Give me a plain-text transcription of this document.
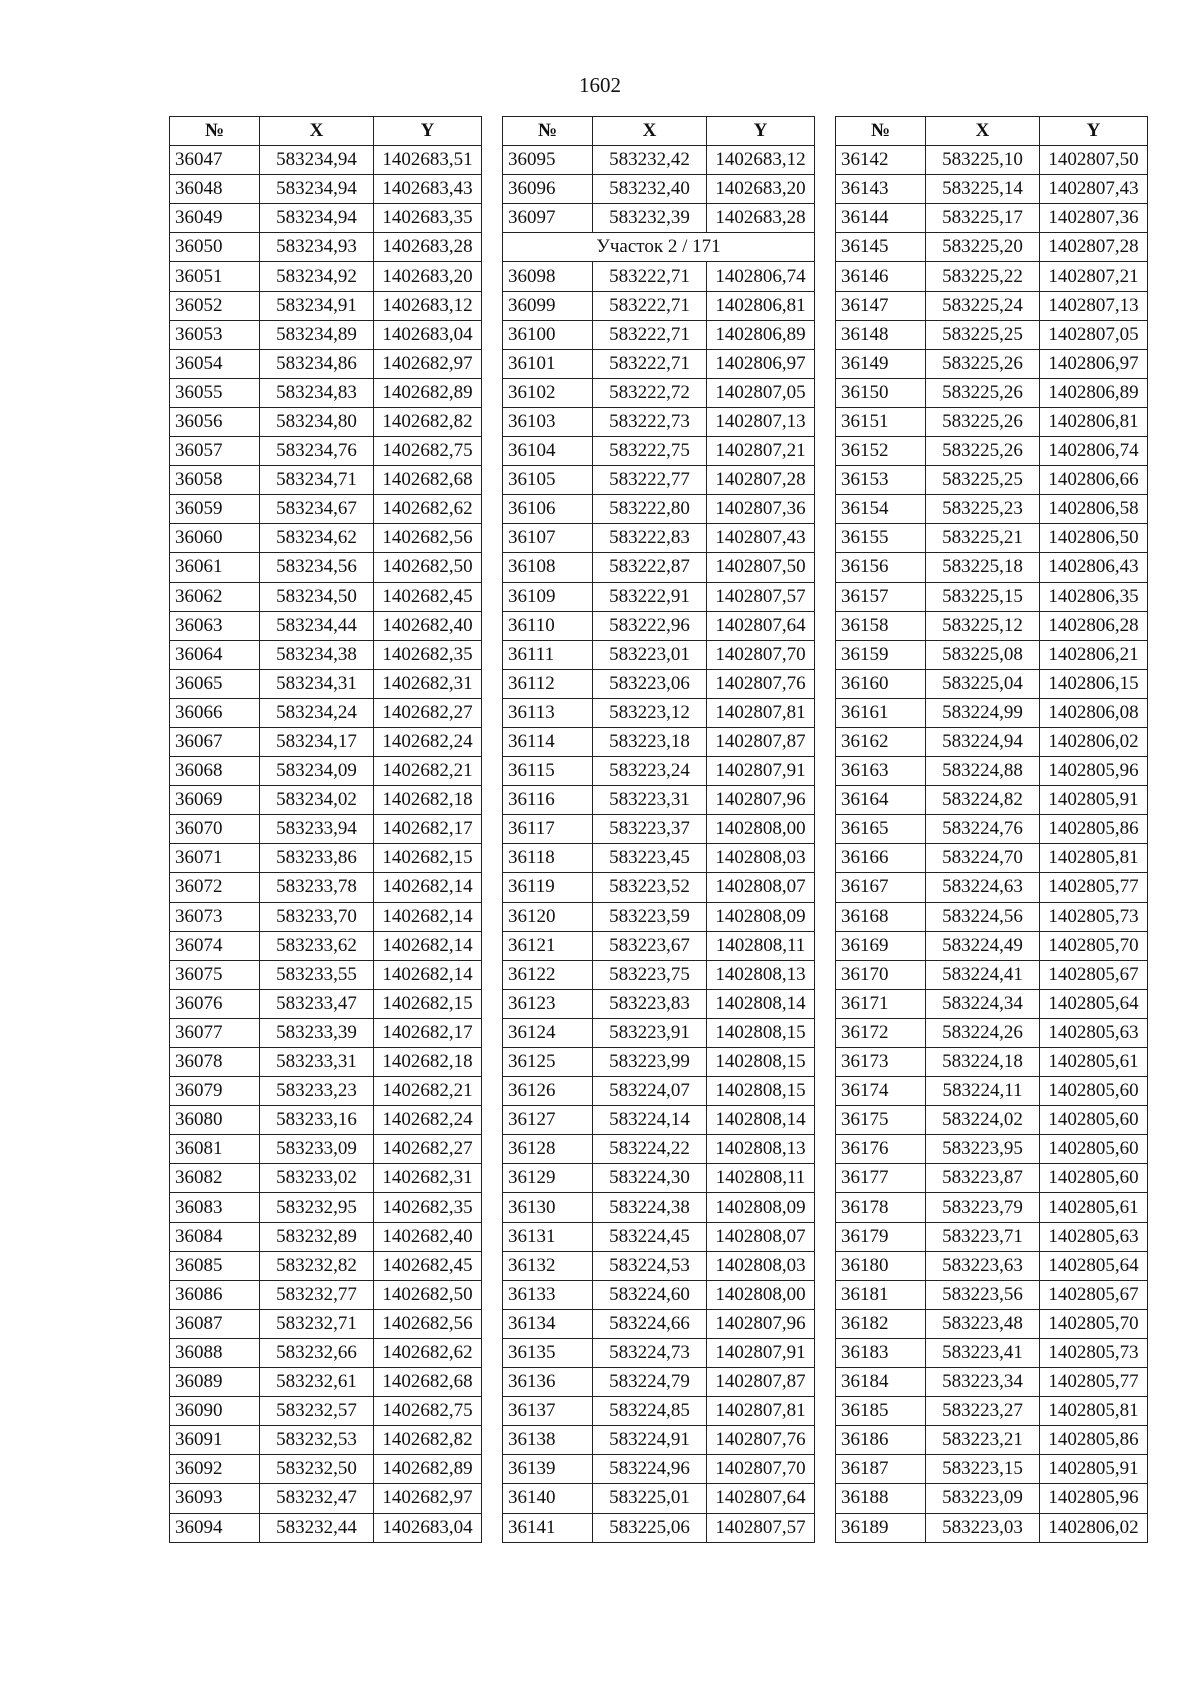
1602
№	X	Y
36047	583234,94	1402683,51
36048	583234,94	1402683,43
36049	583234,94	1402683,35
36050	583234,93	1402683,28
36051	583234,92	1402683,20
36052	583234,91	1402683,12
36053	583234,89	1402683,04
36054	583234,86	1402682,97
36055	583234,83	1402682,89
36056	583234,80	1402682,82
36057	583234,76	1402682,75
36058	583234,71	1402682,68
36059	583234,67	1402682,62
36060	583234,62	1402682,56
36061	583234,56	1402682,50
36062	583234,50	1402682,45
36063	583234,44	1402682,40
36064	583234,38	1402682,35
36065	583234,31	1402682,31
36066	583234,24	1402682,27
36067	583234,17	1402682,24
36068	583234,09	1402682,21
36069	583234,02	1402682,18
36070	583233,94	1402682,17
36071	583233,86	1402682,15
36072	583233,78	1402682,14
36073	583233,70	1402682,14
36074	583233,62	1402682,14
36075	583233,55	1402682,14
36076	583233,47	1402682,15
36077	583233,39	1402682,17
36078	583233,31	1402682,18
36079	583233,23	1402682,21
36080	583233,16	1402682,24
36081	583233,09	1402682,27
36082	583233,02	1402682,31
36083	583232,95	1402682,35
36084	583232,89	1402682,40
36085	583232,82	1402682,45
36086	583232,77	1402682,50
36087	583232,71	1402682,56
36088	583232,66	1402682,62
36089	583232,61	1402682,68
36090	583232,57	1402682,75
36091	583232,53	1402682,82
36092	583232,50	1402682,89
36093	583232,47	1402682,97
36094	583232,44	1402683,04
№	X	Y
36095	583232,42	1402683,12
36096	583232,40	1402683,20
36097	583232,39	1402683,28
Участок 2 / 171		
36098	583222,71	1402806,74
36099	583222,71	1402806,81
36100	583222,71	1402806,89
36101	583222,71	1402806,97
36102	583222,72	1402807,05
36103	583222,73	1402807,13
36104	583222,75	1402807,21
36105	583222,77	1402807,28
36106	583222,80	1402807,36
36107	583222,83	1402807,43
36108	583222,87	1402807,50
36109	583222,91	1402807,57
36110	583222,96	1402807,64
36111	583223,01	1402807,70
36112	583223,06	1402807,76
36113	583223,12	1402807,81
36114	583223,18	1402807,87
36115	583223,24	1402807,91
36116	583223,31	1402807,96
36117	583223,37	1402808,00
36118	583223,45	1402808,03
36119	583223,52	1402808,07
36120	583223,59	1402808,09
36121	583223,67	1402808,11
36122	583223,75	1402808,13
36123	583223,83	1402808,14
36124	583223,91	1402808,15
36125	583223,99	1402808,15
36126	583224,07	1402808,15
36127	583224,14	1402808,14
36128	583224,22	1402808,13
36129	583224,30	1402808,11
36130	583224,38	1402808,09
36131	583224,45	1402808,07
36132	583224,53	1402808,03
36133	583224,60	1402808,00
36134	583224,66	1402807,96
36135	583224,73	1402807,91
36136	583224,79	1402807,87
36137	583224,85	1402807,81
36138	583224,91	1402807,76
36139	583224,96	1402807,70
36140	583225,01	1402807,64
36141	583225,06	1402807,57
№	X	Y
36142	583225,10	1402807,50
36143	583225,14	1402807,43
36144	583225,17	1402807,36
36145	583225,20	1402807,28
36146	583225,22	1402807,21
36147	583225,24	1402807,13
36148	583225,25	1402807,05
36149	583225,26	1402806,97
36150	583225,26	1402806,89
36151	583225,26	1402806,81
36152	583225,26	1402806,74
36153	583225,25	1402806,66
36154	583225,23	1402806,58
36155	583225,21	1402806,50
36156	583225,18	1402806,43
36157	583225,15	1402806,35
36158	583225,12	1402806,28
36159	583225,08	1402806,21
36160	583225,04	1402806,15
36161	583224,99	1402806,08
36162	583224,94	1402806,02
36163	583224,88	1402805,96
36164	583224,82	1402805,91
36165	583224,76	1402805,86
36166	583224,70	1402805,81
36167	583224,63	1402805,77
36168	583224,56	1402805,73
36169	583224,49	1402805,70
36170	583224,41	1402805,67
36171	583224,34	1402805,64
36172	583224,26	1402805,63
36173	583224,18	1402805,61
36174	583224,11	1402805,60
36175	583224,02	1402805,60
36176	583223,95	1402805,60
36177	583223,87	1402805,60
36178	583223,79	1402805,61
36179	583223,71	1402805,63
36180	583223,63	1402805,64
36181	583223,56	1402805,67
36182	583223,48	1402805,70
36183	583223,41	1402805,73
36184	583223,34	1402805,77
36185	583223,27	1402805,81
36186	583223,21	1402805,86
36187	583223,15	1402805,91
36188	583223,09	1402805,96
36189	583223,03	1402806,02
